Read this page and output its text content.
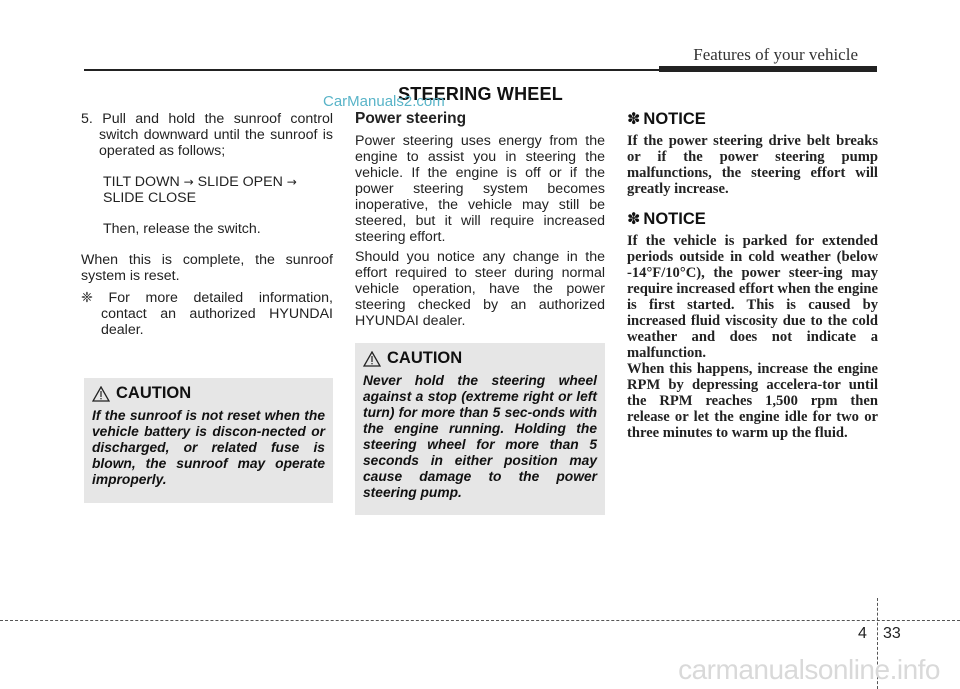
Features of your vehicle
STEERING WHEEL
CarManuals2.com

5. Pull and hold the sunroof control switch downward until the sunroof is operated as follows;

TILT DOWN → SLIDE OPEN →
SLIDE CLOSE

Then, release the switch.

When this is complete, the sunroof system is reset.

❈ For more detailed information, contact an authorized HYUNDAI dealer.

CAUTION
If the sunroof is not reset when the vehicle battery is discon-nected or discharged, or related fuse is blown, the sunroof may operate improperly.
Power steering

Power steering uses energy from the engine to assist you in steering the vehicle. If the engine is off or if the power steering system becomes inoperative, the vehicle may still be steered, but it will require increased steering effort.

Should you notice any change in the effort required to steer during normal vehicle operation, have the power steering checked by an authorized HYUNDAI dealer.

CAUTION
Never hold the steering wheel against a stop (extreme right or left turn) for more than 5 sec-onds with the engine running. Holding the steering wheel for more than 5 seconds in either position may cause damage to the power steering pump.
✽ NOTICE

If the power steering drive belt breaks or if the power steering pump malfunctions, the steering effort will greatly increase.

✽ NOTICE

If the vehicle is parked for extended periods outside in cold weather (below -14°F/10°C), the power steer-ing may require increased effort when the engine is first started. This is caused by increased fluid viscosity due to the cold weather and does not indicate a malfunction.

When this happens, increase the engine RPM by depressing accelera-tor until the RPM reaches 1,500 rpm then release or let the engine idle for two or three minutes to warm up the fluid.

4 33
carmanualsonline.info
